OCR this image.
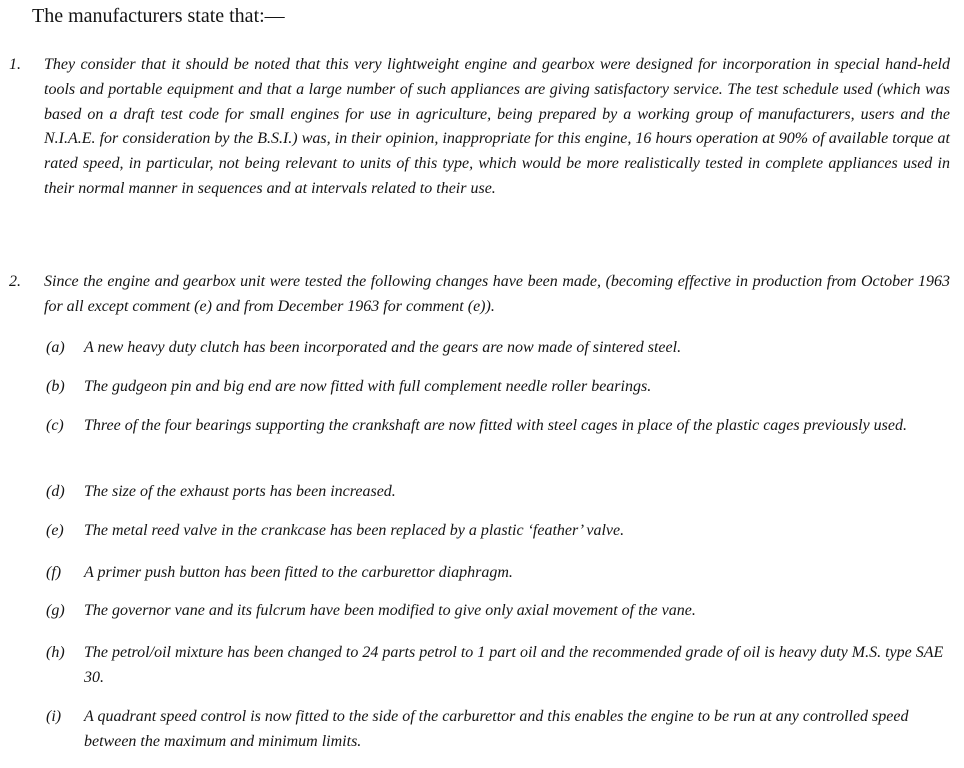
The manufacturers state that:—
1. They consider that it should be noted that this very lightweight engine and gearbox were designed for incorporation in special hand-held tools and portable equipment and that a large number of such appliances are giving satisfactory service. The test schedule used (which was based on a draft test code for small engines for use in agriculture, being prepared by a working group of manufacturers, users and the N.I.A.E. for consideration by the B.S.I.) was, in their opinion, inappropriate for this engine, 16 hours operation at 90% of available torque at rated speed, in particular, not being relevant to units of this type, which would be more realistically tested in complete appliances used in their normal manner in sequences and at intervals related to their use.
2. Since the engine and gearbox unit were tested the following changes have been made, (becoming effective in production from October 1963 for all except comment (e) and from December 1963 for comment (e)).
(a) A new heavy duty clutch has been incorporated and the gears are now made of sintered steel.
(b) The gudgeon pin and big end are now fitted with full complement needle roller bearings.
(c) Three of the four bearings supporting the crankshaft are now fitted with steel cages in place of the plastic cages previously used.
(d) The size of the exhaust ports has been increased.
(e) The metal reed valve in the crankcase has been replaced by a plastic ‘feather’ valve.
(f) A primer push button has been fitted to the carburettor diaphragm.
(g) The governor vane and its fulcrum have been modified to give only axial movement of the vane.
(h) The petrol/oil mixture has been changed to 24 parts petrol to 1 part oil and the recommended grade of oil is heavy duty M.S. type SAE 30.
(i) A quadrant speed control is now fitted to the side of the carburettor and this enables the engine to be run at any controlled speed between the maximum and minimum limits.
